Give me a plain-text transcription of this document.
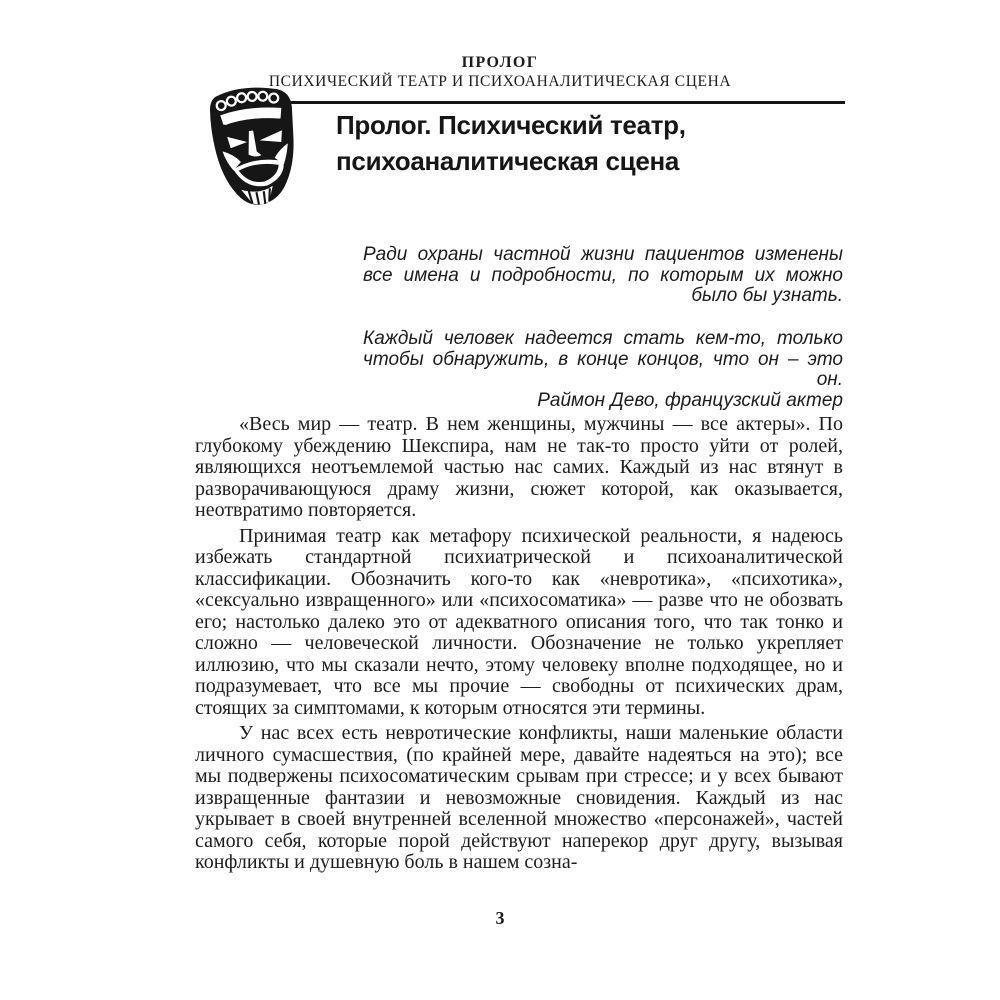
ПРОЛОГ
ПСИХИЧЕСКИЙ ТЕАТР И ПСИХОАНАЛИТИЧЕСКАЯ СЦЕНА
Пролог. Психический театр,
психоаналитическая сцена
Ради охраны частной жизни пациентов изменены все имена и подробности, по которым их можно было бы узнать.
Каждый человек надеется стать кем-то, только чтобы обнаружить, в конце концов, что он – это он.
Раймон Дево, французский актер

«Весь мир — театр. В нем женщины, мужчины — все актеры». По глубокому убеждению Шекспира, нам не так-то просто уйти от ролей, являющихся неотъемлемой частью нас самих. Каждый из нас втянут в разворачивающуюся драму жизни, сюжет которой, как оказывается, неотвратимо повторяется.

Принимая театр как метафору психической реальности, я надеюсь избежать стандартной психиатрической и психоаналитической классификации. Обозначить кого-то как «невротика», «психотика», «сексуально извращенного» или «психосоматика» — разве что не обозвать его; настолько далеко это от адекватного описания того, что так тонко и сложно — человеческой личности. Обозначение не только укрепляет иллюзию, что мы сказали нечто, этому человеку вполне подходящее, но и подразумевает, что все мы прочие — свободны от психических драм, стоящих за симптомами, к которым относятся эти термины.

У нас всех есть невротические конфликты, наши маленькие области личного сумасшествия, (по крайней мере, давайте надеяться на это); все мы подвержены психосоматическим срывам при стрессе; и у всех бывают извращенные фантазии и невозможные сновидения. Каждый из нас укрывает в своей внутренней вселенной множество «персонажей», частей самого себя, которые порой действуют наперекор друг другу, вызывая конфликты и душевную боль в нашем созна-

3
